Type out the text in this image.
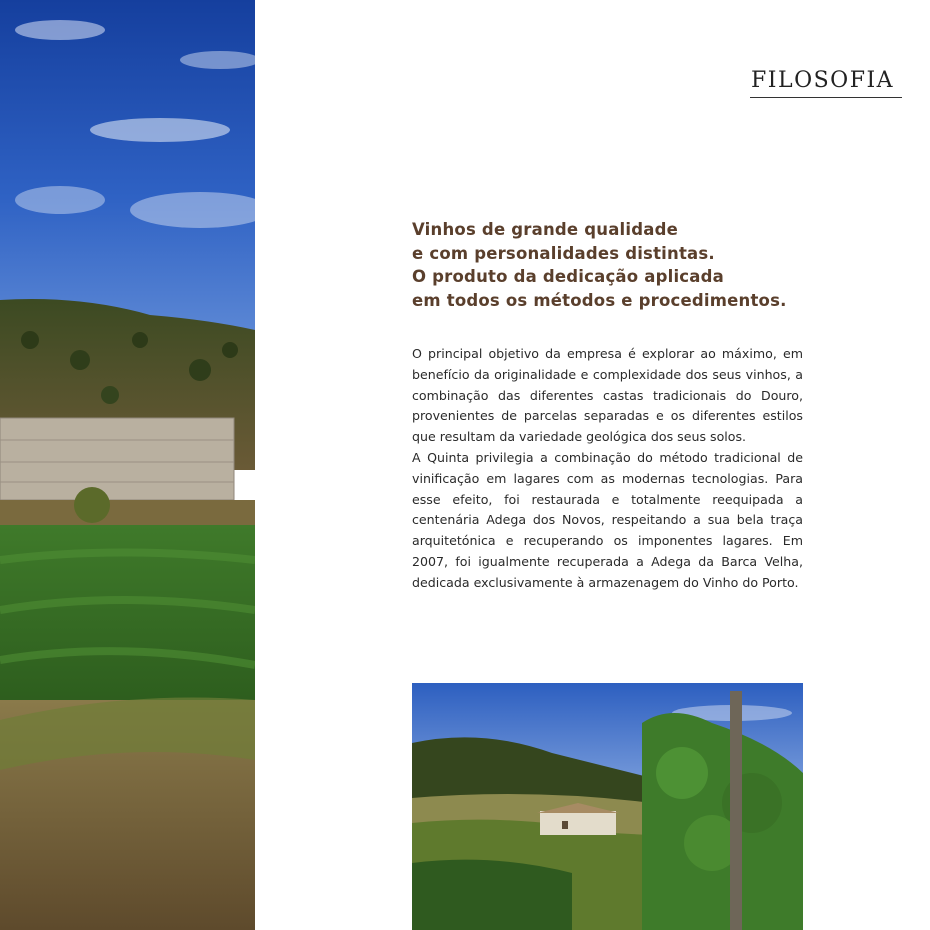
FILOSOFIA
Vinhos de grande qualidade
e com personalidades distintas.
O produto da dedicação aplicada
em todos os métodos e procedimentos.

O principal objetivo da empresa é explorar ao máximo, em benefício da originalidade e complexidade dos seus vinhos, a combinação das diferentes castas tradicionais do Douro, provenientes de parcelas separadas e os diferentes estilos que resultam da variedade geológica dos seus solos.

A Quinta privilegia a combinação do método tradicional de vinificação em lagares com as modernas tecnologias. Para esse efeito, foi restaurada e totalmente reequipada a centenária Adega dos Novos, respeitando a sua bela traça arquitetónica e recuperando os imponentes lagares. Em 2007, foi igualmente recuperada a Adega da Barca Velha, dedicada exclusivamente à armazenagem do Vinho do Porto.
